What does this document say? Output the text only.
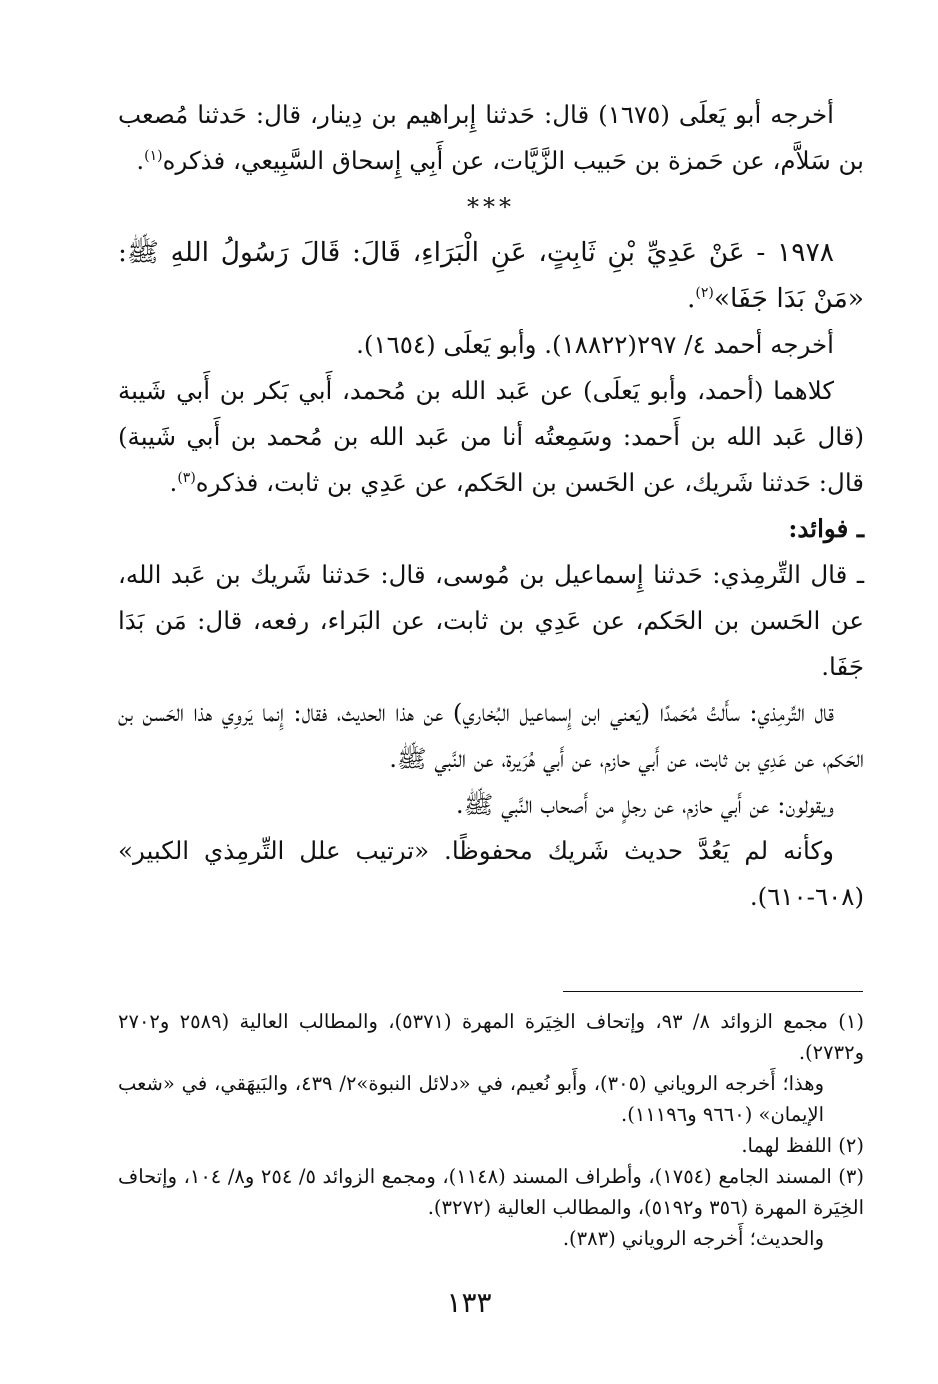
أخرجه أبو يَعلَى (١٦٧٥) قال: حَدثنا إِبراهيم بن دِينار، قال: حَدثنا مُصعب بن سَلاَّم، عن حَمزة بن حَبيب الزَّيَّات، عن أَبِي إِسحاق السَّبِيعي، فذكره$^{(١)}$.

***

١٩٧٨ - عَنْ عَدِيِّ بْنِ ثَابِتٍ، عَنِ الْبَرَاءِ، قَالَ: قَالَ رَسُولُ اللهِ ﷺ: «مَنْ بَدَا جَفَا»$^{(٢)}$.

أخرجه أحمد ٤/ ٢٩٧(١٨٨٢٢). وأبو يَعلَى (١٦٥٤).

كلاهما (أحمد، وأبو يَعلَى) عن عَبد الله بن مُحمد، أَبي بَكر بن أَبي شَيبة (قال عَبد الله بن أَحمد: وسَمِعتُه أنا من عَبد الله بن مُحمد بن أَبي شَيبة) قال: حَدثنا شَريك، عن الحَسن بن الحَكم، عن عَدِي بن ثابت، فذكره$^{(٣)}$.

ـ فوائد:

ـ قال التِّرمِذي: حَدثنا إِسماعيل بن مُوسى، قال: حَدثنا شَريك بن عَبد الله، عن الحَسن بن الحَكم، عن عَدِي بن ثابت، عن البَراء، رفعه، قال: مَن بَدَا جَفَا.

قال التِّرمِذي: سأَلتُ مُحَمدًا (يَعني ابن إِسماعيل البُخاري) عن هذا الحديث، فقال: إِنما يَروِي هذا الحَسن بن الحَكم، عن عَدِي بن ثابت، عن أَبي حازم، عن أَبي هُرَيرة، عن النَّبي ﷺ.

ويقولون: عن أَبي حازم، عن رجلٍ من أَصحاب النَّبي ﷺ.

وكأنه لم يَعُدَّ حديث شَريك محفوظًا. «ترتيب علل التِّرمِذي الكبير» (٦٠٨-٦١٠).

(١) مجمع الزوائد ٨/ ٩٣، وإتحاف الخِيَرة المهرة (٥٣٧١)، والمطالب العالية (٢٥٨٩ و٢٧٠٢ و٢٧٣٢).

وهذا؛ أَخرجه الروياني (٣٠٥)، وأَبو نُعيم، في «دلائل النبوة»٢/ ٤٣٩، والبَيهَقي، في «شعب الإيمان» (٩٦٦٠ و١١١٩٦).

(٢) اللفظ لهما.

(٣) المسند الجامع (١٧٥٤)، وأطراف المسند (١١٤٨)، ومجمع الزوائد ٥/ ٢٥٤ و٨/ ١٠٤، وإتحاف الخِيَرة المهرة (٣٥٦ و٥١٩٢)، والمطالب العالية (٣٢٧٢).

والحديث؛ أَخرجه الروياني (٣٨٣).

١٣٣
